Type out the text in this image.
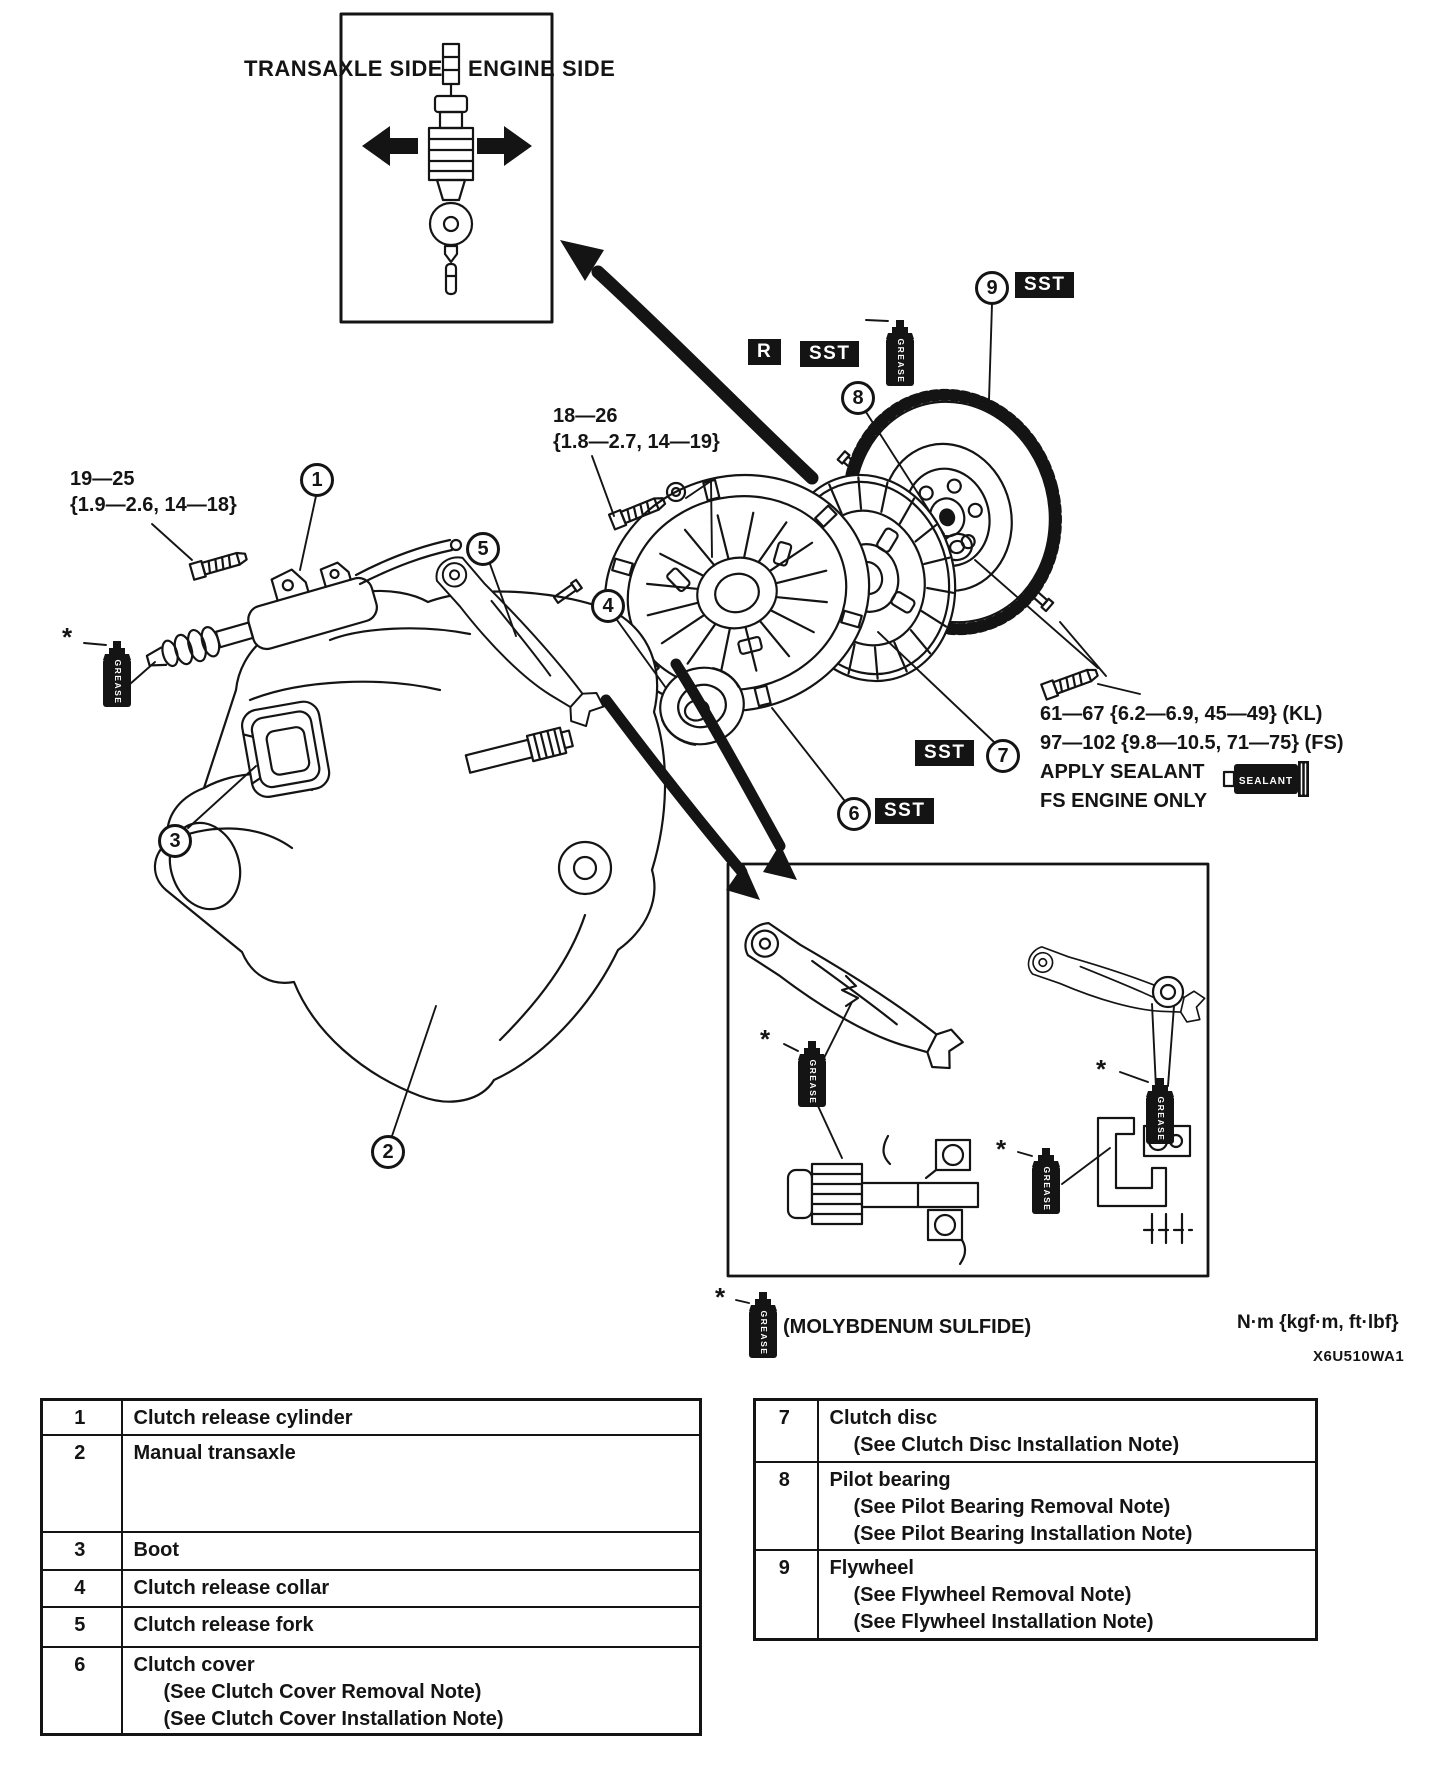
GREASE
GREASE
GREASE
GREASE
GREASE
GREASE
SEALANT
TRANSAXLE SIDE ENGINE SIDE
19—25
{1.9—2.6, 14—18}
18—26
{1.8—2.7, 14—19}
61—67 {6.2—6.9, 45—49} (KL)
97—102 {9.8—10.5, 71—75} (FS)
APPLY SEALANT
FS ENGINE ONLY
R	SST
SST
SST
SST
1
2
3
4
5
6
7
8
9
*
*
*
*
*
(MOLYBDENUM SULFIDE)	N·m {kgf·m, ft·lbf}
X6U510WA1
1	Clutch release cylinder

2	Manual transaxle

3	Boot

4	Clutch release collar

5	Clutch release fork

6	Clutch cover
(See Clutch Cover Removal Note)
(See Clutch Cover Installation Note)
7	Clutch disc
(See Clutch Disc Installation Note)

8	Pilot bearing
(See Pilot Bearing Removal Note)
(See Pilot Bearing Installation Note)

9	Flywheel
(See Flywheel Removal Note)
(See Flywheel Installation Note)
